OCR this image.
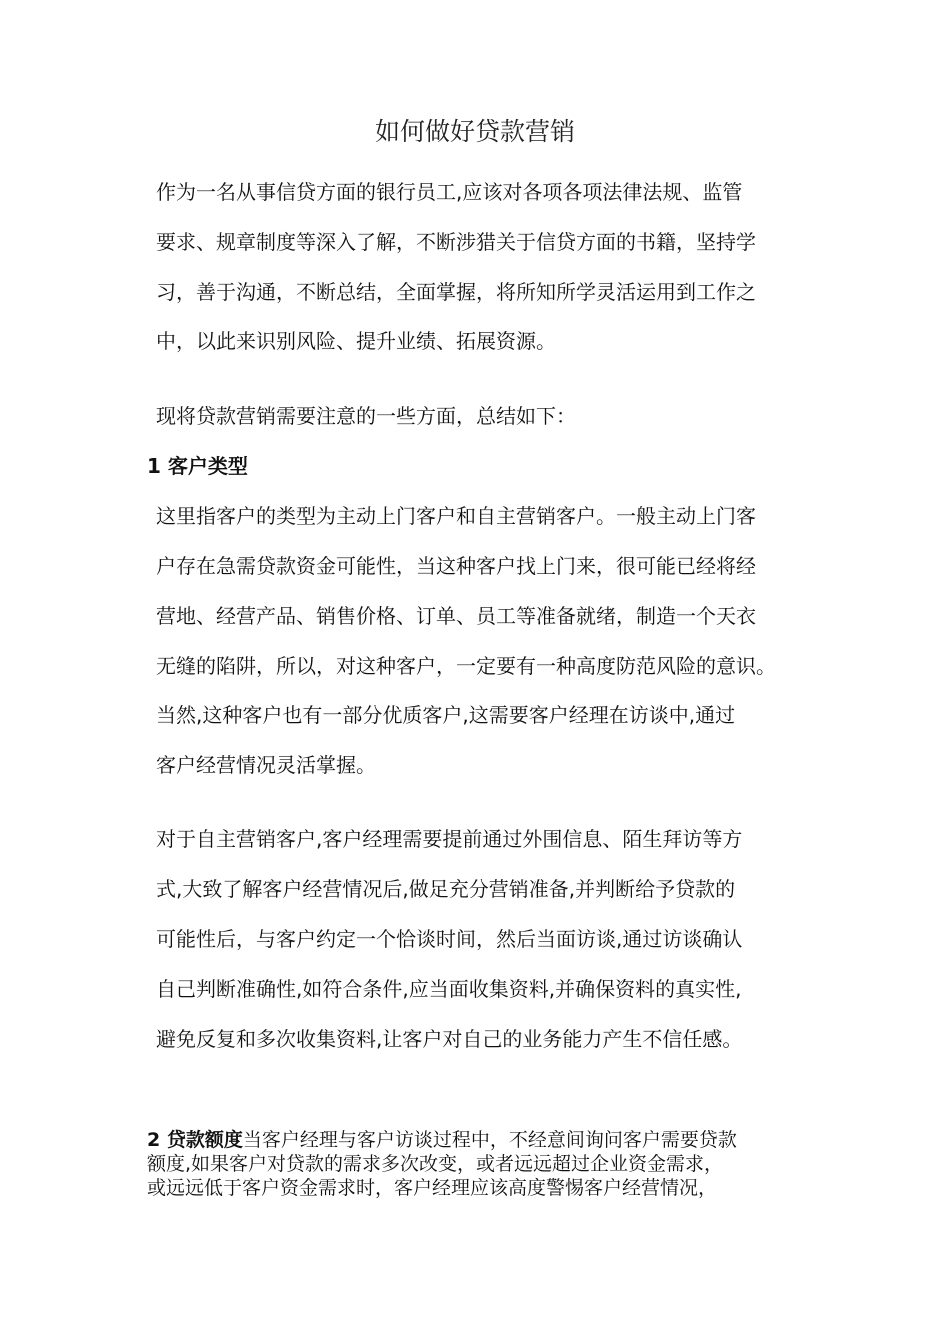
如何做好贷款营销

作为一名从事信贷方面的银行员工,应该对各项各项法律法规、监管

要求、规章制度等深入了解，不断涉猎关于信贷方面的书籍，坚持学

习，善于沟通，不断总结，全面掌握，将所知所学灵活运用到工作之

中，以此来识别风险、提升业绩、拓展资源。

现将贷款营销需要注意的一些方面，总结如下：

1 客户类型

这里指客户的类型为主动上门客户和自主营销客户。一般主动上门客

户存在急需贷款资金可能性，当这种客户找上门来，很可能已经将经

营地、经营产品、销售价格、订单、员工等准备就绪，制造一个天衣

无缝的陷阱，所以，对这种客户，一定要有一种高度防范风险的意识。

当然,这种客户也有一部分优质客户,这需要客户经理在访谈中,通过

客户经营情况灵活掌握。

对于自主营销客户,客户经理需要提前通过外围信息、陌生拜访等方

式,大致了解客户经营情况后,做足充分营销准备,并判断给予贷款的

可能性后，与客户约定一个恰谈时间，然后当面访谈,通过访谈确认

自己判断准确性,如符合条件,应当面收集资料,并确保资料的真实性,

避免反复和多次收集资料,让客户对自己的业务能力产生不信任感。

2 贷款额度当客户经理与客户访谈过程中，不经意间询问客户需要贷款

额度,如果客户对贷款的需求多次改变，或者远远超过企业资金需求，

或远远低于客户资金需求时，客户经理应该高度警惕客户经营情况，
